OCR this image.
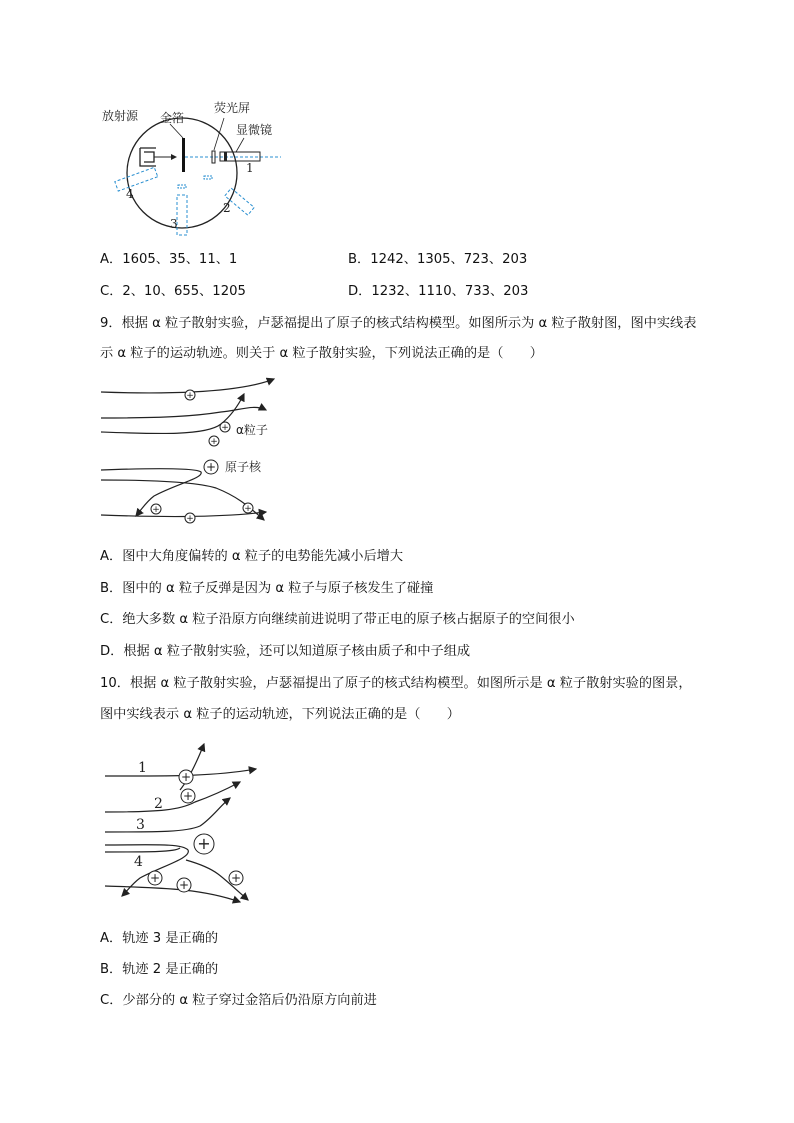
放射源 金箔
荧光屏
显微镜
1
2
3
4
A．1605、35、11、1	B．1242、1305、723、203
C．2、10、655、1205	D．1232、1110、733、203
9．根据 α 粒子散射实验，卢瑟福提出了原子的核式结构模型。如图所示为 α 粒子散射图，图中实线表
示 α 粒子的运动轨迹。则关于 α 粒子散射实验，下列说法正确的是（　　）
+
+
+
+
+
+
+
α粒子
原子核
A．图中大角度偏转的 α 粒子的电势能先减小后增大
B．图中的 α 粒子反弹是因为 α 粒子与原子核发生了碰撞
C．绝大多数 α 粒子沿原方向继续前进说明了带正电的原子核占据原子的空间很小
D．根据 α 粒子散射实验，还可以知道原子核由质子和中子组成
10．根据 α 粒子散射实验，卢瑟福提出了原子的核式结构模型。如图所示是 α 粒子散射实验的图景，
图中实线表示 α 粒子的运动轨迹，下列说法正确的是（　　）
+
+
+
+ +	+
1
2
3
4
A．轨迹 3 是正确的
B．轨迹 2 是正确的
C．少部分的 α 粒子穿过金箔后仍沿原方向前进
